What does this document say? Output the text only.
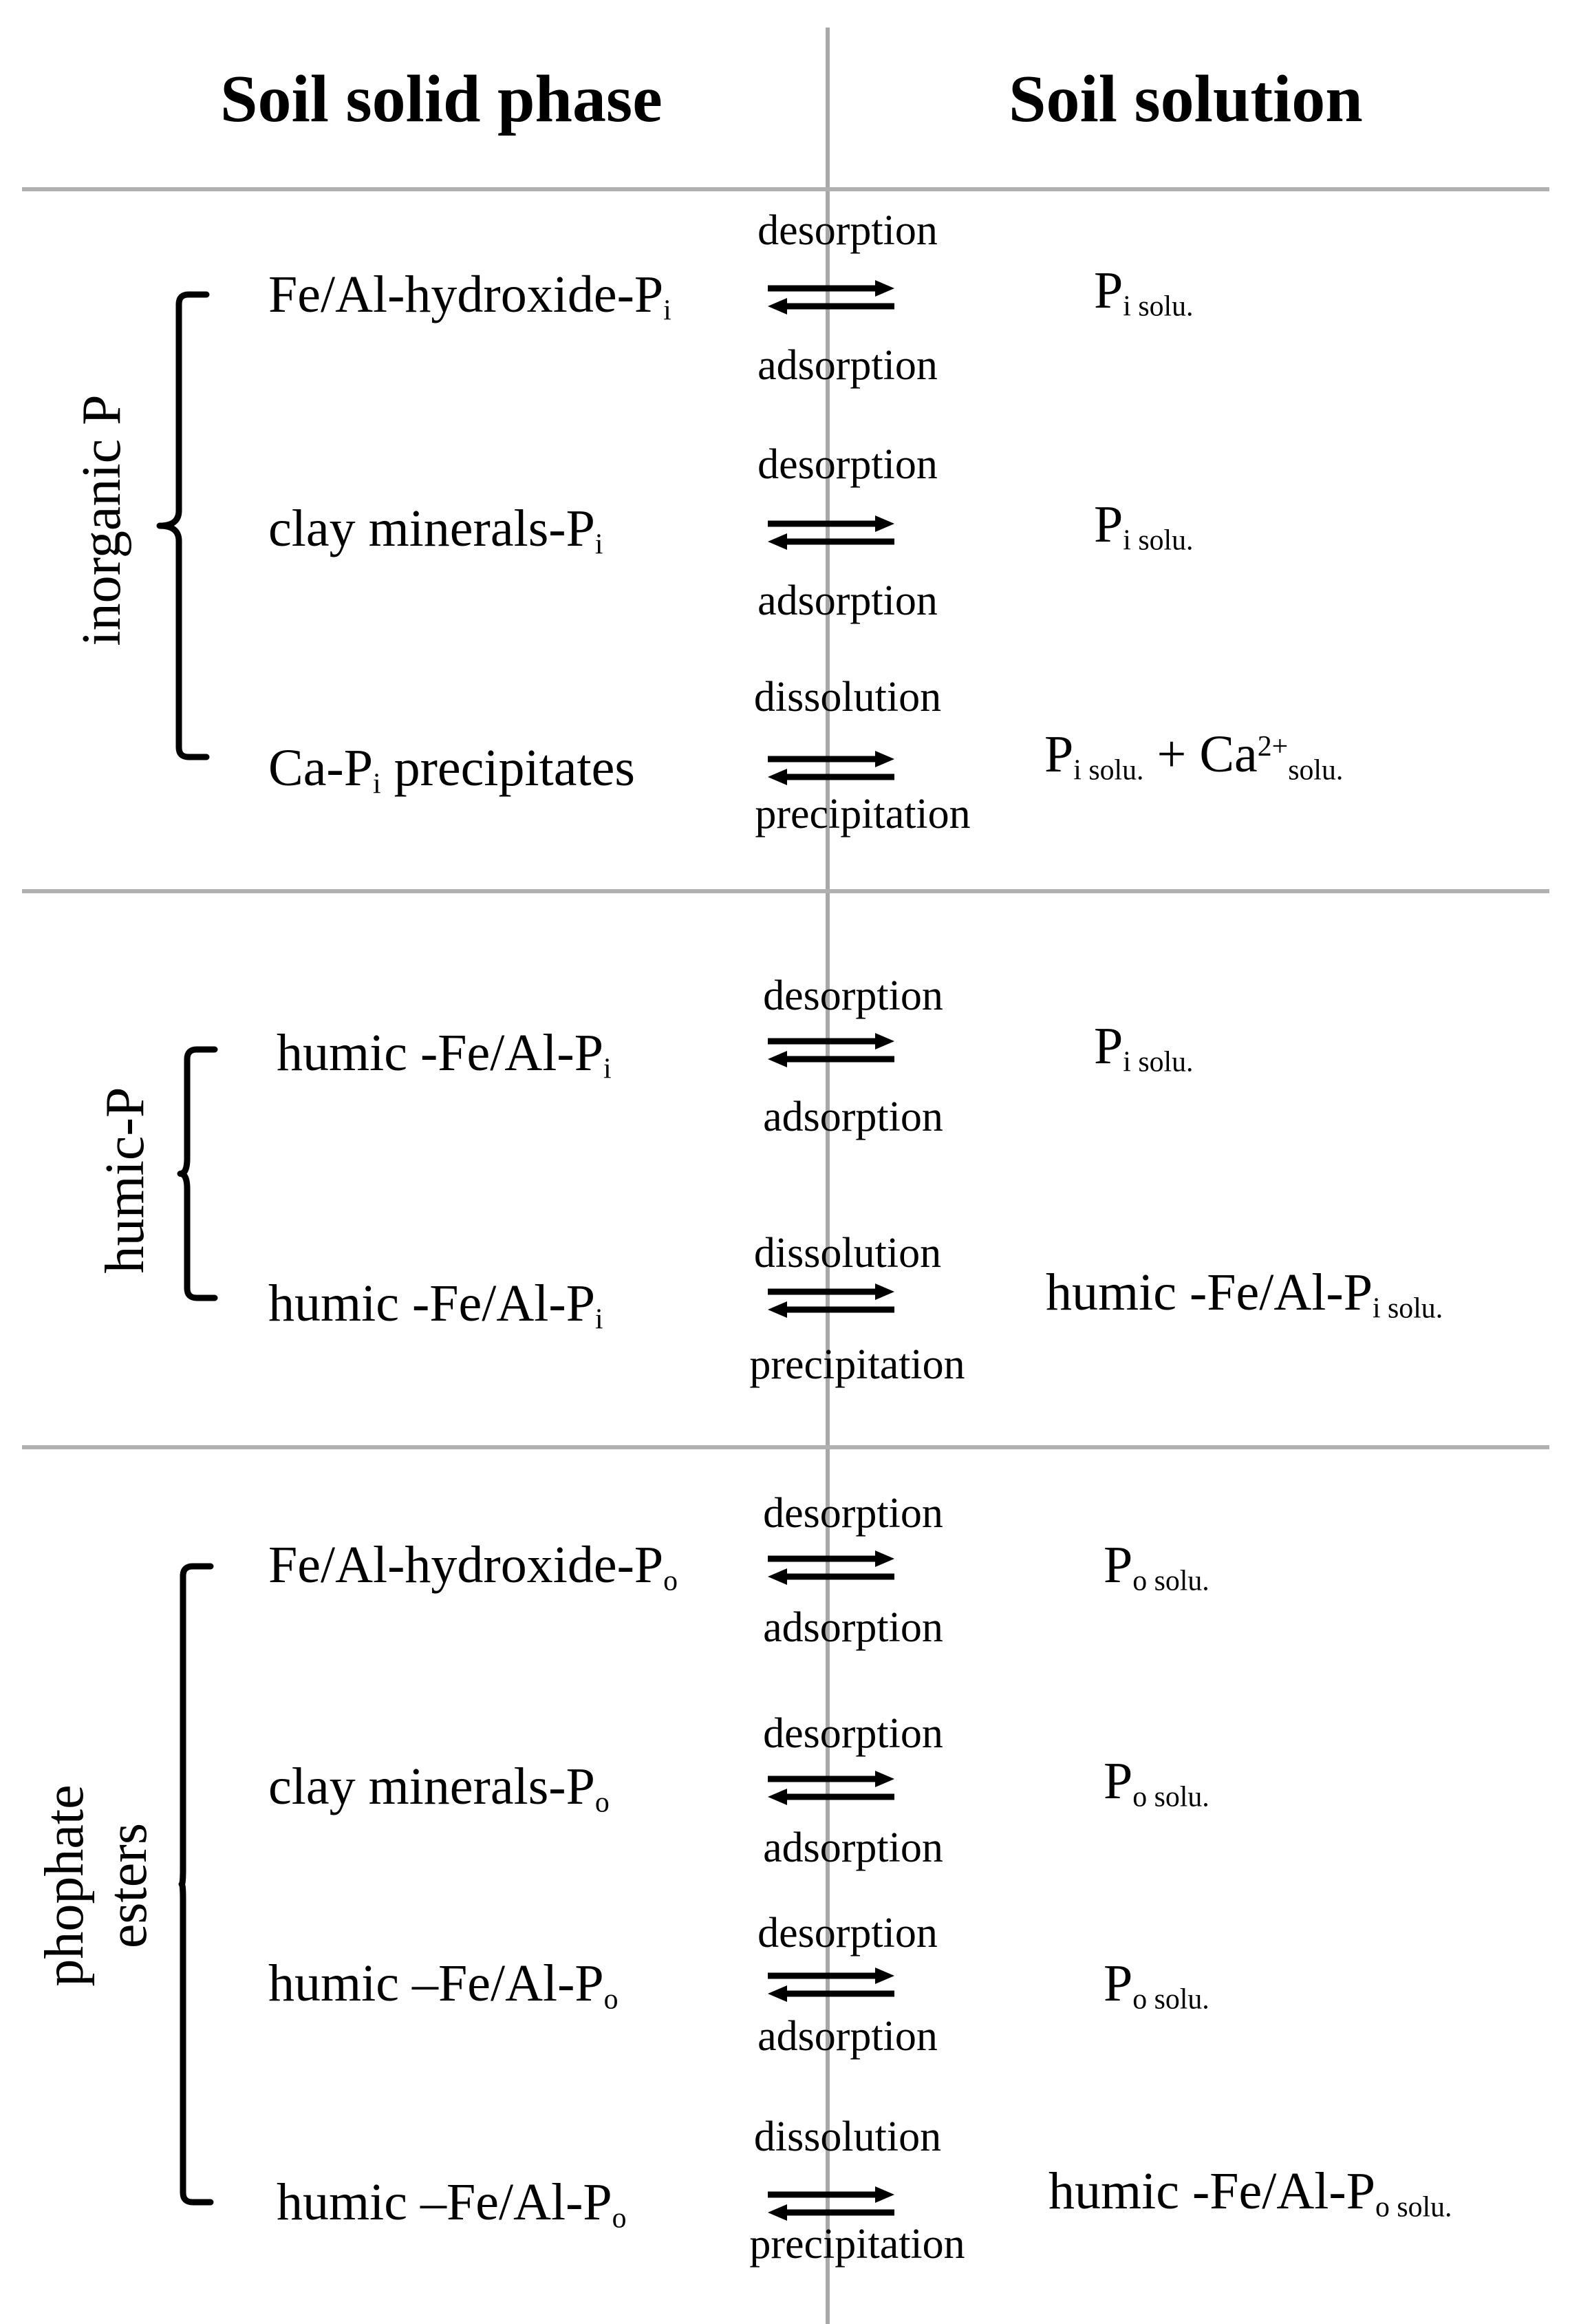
Soil solid phase	Soil solution
inorganic P
humic-P
phophate esters
$Fe/Al-hydroxide-P_i$
desorption
adsorption
$P_{i solu.}$
clay minerals-$P_i$
desorption
adsorption
$P_{i solu.}$
$Ca-P_i$ precipitates
dissolution
precipitation
$P_{i solu.} + Ca^{2+}_{solu.}$
humic $-Fe/Al-P_i$
desorption
adsorption
$P_{i solu.}$
humic $-Fe/Al-P_i$
dissolution
precipitation
humic $-Fe/Al-P_{i solu.}$
$Fe/Al-hydroxide-P_o$
desorption
adsorption
$P_{o solu.}$
clay minerals-$P_o$
desorption
adsorption
$P_{o solu.}$
humic $-Fe/Al-P_o$
desorption
adsorption
$P_{o solu.}$
humic $-Fe/Al-P_o$
dissolution
precipitation
humic $-Fe/Al-P_{o solu.}$
